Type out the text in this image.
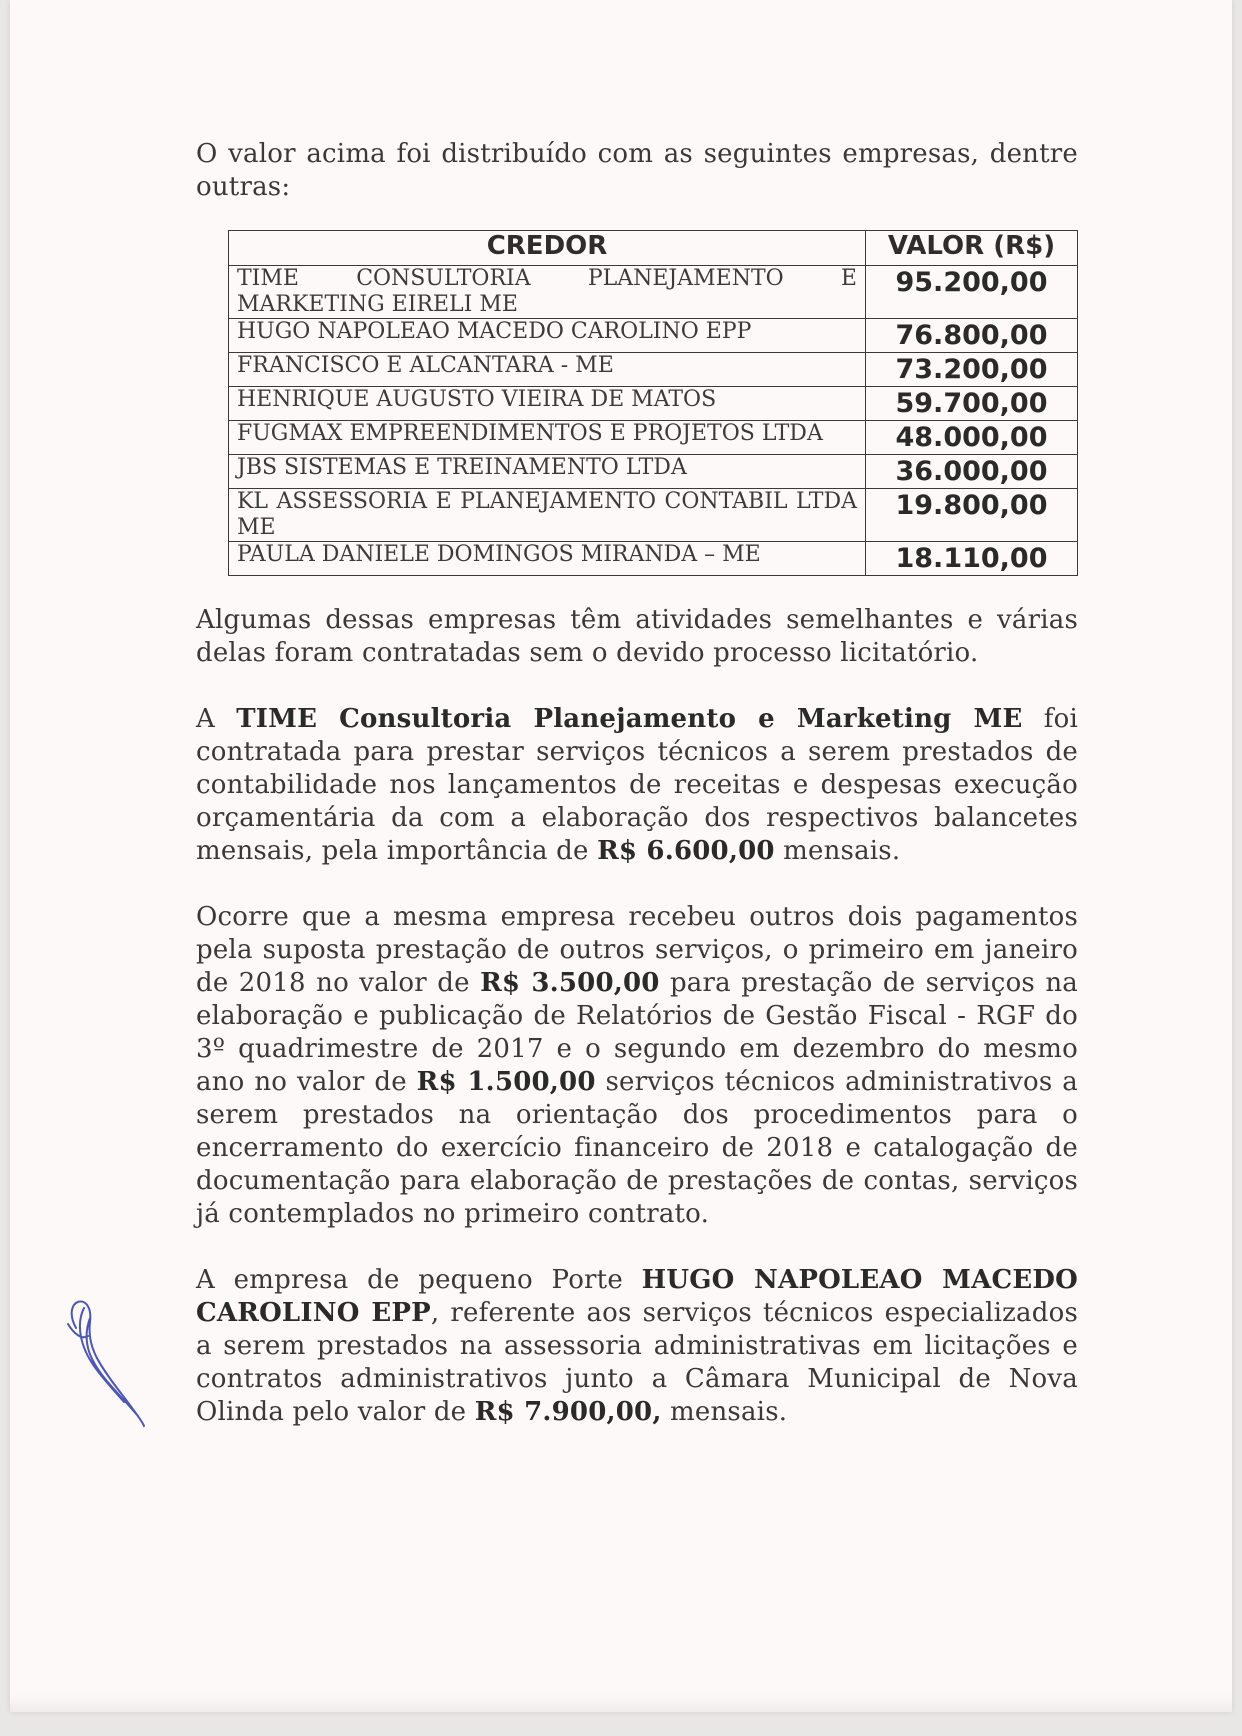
O valor acima foi distribuído com as seguintes empresas, dentre outras:

CREDOR	VALOR (R$)
TIME CONSULTORIA PLANEJAMENTO E MARKETING EIRELI ME	95.200,00
HUGO NAPOLEAO MACEDO CAROLINO EPP	76.800,00
FRANCISCO E ALCANTARA - ME	73.200,00
HENRIQUE AUGUSTO VIEIRA DE MATOS	59.700,00
FUGMAX EMPREENDIMENTOS E PROJETOS LTDA	48.000,00
JBS SISTEMAS E TREINAMENTO LTDA	36.000,00
KL ASSESSORIA E PLANEJAMENTO CONTABIL LTDA ME	19.800,00
PAULA DANIELE DOMINGOS MIRANDA – ME	18.110,00

Algumas dessas empresas têm atividades semelhantes e várias delas foram contratadas sem o devido processo licitatório.

A TIME Consultoria Planejamento e Marketing ME foi contratada para prestar serviços técnicos a serem prestados de contabilidade nos lançamentos de receitas e despesas execução orçamentária da com a elaboração dos respectivos balancetes mensais, pela importância de R$ 6.600,00 mensais.

Ocorre que a mesma empresa recebeu outros dois pagamentos pela suposta prestação de outros serviços, o primeiro em janeiro de 2018 no valor de R$ 3.500,00 para prestação de serviços na elaboração e publicação de Relatórios de Gestão Fiscal - RGF do 3º quadrimestre de 2017 e o segundo em dezembro do mesmo ano no valor de R$ 1.500,00 serviços técnicos administrativos a serem prestados na orientação dos procedimentos para o encerramento do exercício financeiro de 2018 e catalogação de documentação para elaboração de prestações de contas, serviços já contemplados no primeiro contrato.

A empresa de pequeno Porte HUGO NAPOLEAO MACEDO CAROLINO EPP, referente aos serviços técnicos especializados a serem prestados na assessoria administrativas em licitações e contratos administrativos junto a Câmara Municipal de Nova Olinda pelo valor de R$ 7.900,00, mensais.
